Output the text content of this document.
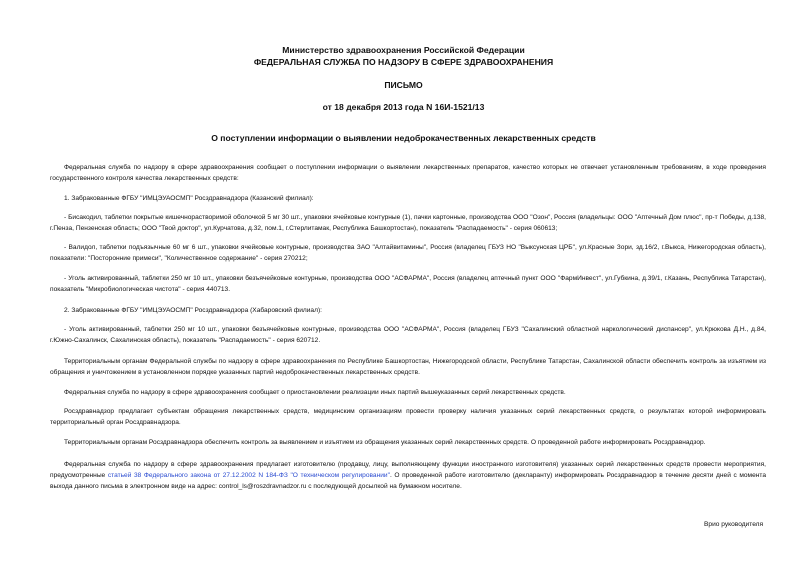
Министерство здравоохранения Российской Федерации
ФЕДЕРАЛЬНАЯ СЛУЖБА ПО НАДЗОРУ В СФЕРЕ ЗДРАВООХРАНЕНИЯ
ПИСЬМО
от 18 декабря 2013 года N 16И-1521/13
О поступлении информации о выявлении недоброкачественных лекарственных средств
Федеральная служба по надзору в сфере здравоохранения сообщает о поступлении информации о выявлении лекарственных препаратов, качество которых не отвечает установленным требованиям, в ходе проведения государственного контроля качества лекарственных средств:
1. Забракованные ФГБУ "ИМЦЭУАОСМП" Росздравнадзора (Казанский филиал):
- Бисакодил, таблетки покрытые кишечнорастворимой оболочкой 5 мг 30 шт., упаковки ячейковые контурные (1), пачки картонные, производства ООО "Озон", Россия (владельцы: ООО "Аптечный Дом плюс", пр-т Победы, д.138, г.Пенза, Пензенская область; ООО "Твой доктор", ул.Курчатова, д.32, пом.1, г.Стерлитамак, Республика Башкортостан), показатель "Распадаемость" - серия 060613;
- Валидол, таблетки подъязычные 60 мг 6 шт., упаковки ячейковые контурные, производства ЗАО "Алтайвитамины", Россия (владелец ГБУЗ НО "Выксунская ЦРБ", ул.Красные Зори, зд.16/2, г.Выкса, Нижегородская область), показатели: "Посторонние примеси", "Количественное содержание" - серия 270212;
- Уголь активированный, таблетки 250 мг 10 шт., упаковки безъячейковые контурные, производства ООО "АСФАРМА", Россия (владелец аптечный пункт ООО "ФармИнвест", ул.Губкина, д.39/1, г.Казань, Республика Татарстан), показатель "Микробиологическая чистота" - серия 440713.
2. Забракованные ФГБУ "ИМЦЭУАОСМП" Росздравнадзора (Хабаровский филиал):
- Уголь активированный, таблетки 250 мг 10 шт., упаковки безъячейковые контурные, производства ООО "АСФАРМА", Россия (владелец ГБУЗ "Сахалинский областной наркологический диспансер", ул.Крюкова Д.Н., д.84, г.Южно-Сахалинск, Сахалинская область), показатель "Распадаемость" - серия 620712.
Территориальным органам Федеральной службы по надзору в сфере здравоохранения по Республике Башкортостан, Нижегородской области, Республике Татарстан, Сахалинской области обеспечить контроль за изъятием из обращения и уничтожением в установленном порядке указанных партий недоброкачественных лекарственных средств.
Федеральная служба по надзору в сфере здравоохранения сообщает о приостановлении реализации иных партий вышеуказанных серий лекарственных средств.
Росздравнадзор предлагает субъектам обращения лекарственных средств, медицинским организациям провести проверку наличия указанных серий лекарственных средств, о результатах которой информировать территориальный орган Росздравнадзора.
Территориальным органам Росздравнадзора обеспечить контроль за выявлением и изъятием из обращения указанных серий лекарственных средств. О проведенной работе информировать Росздравнадзор.
Федеральная служба по надзору в сфере здравоохранения предлагает изготовителю (продавцу, лицу, выполняющему функции иностранного изготовителя) указанных серий лекарственных средств провести мероприятия, предусмотренные статьей 38 Федерального закона от 27.12.2002 N 184-ФЗ "О техническом регулировании". О проведенной работе изготовителю (декларанту) информировать Росздравнадзор в течение десяти дней с момента выхода данного письма в электронном виде на адрес: control_ls@roszdravnadzor.ru с последующей досылкой на бумажном носителе.
Врио руководителя
